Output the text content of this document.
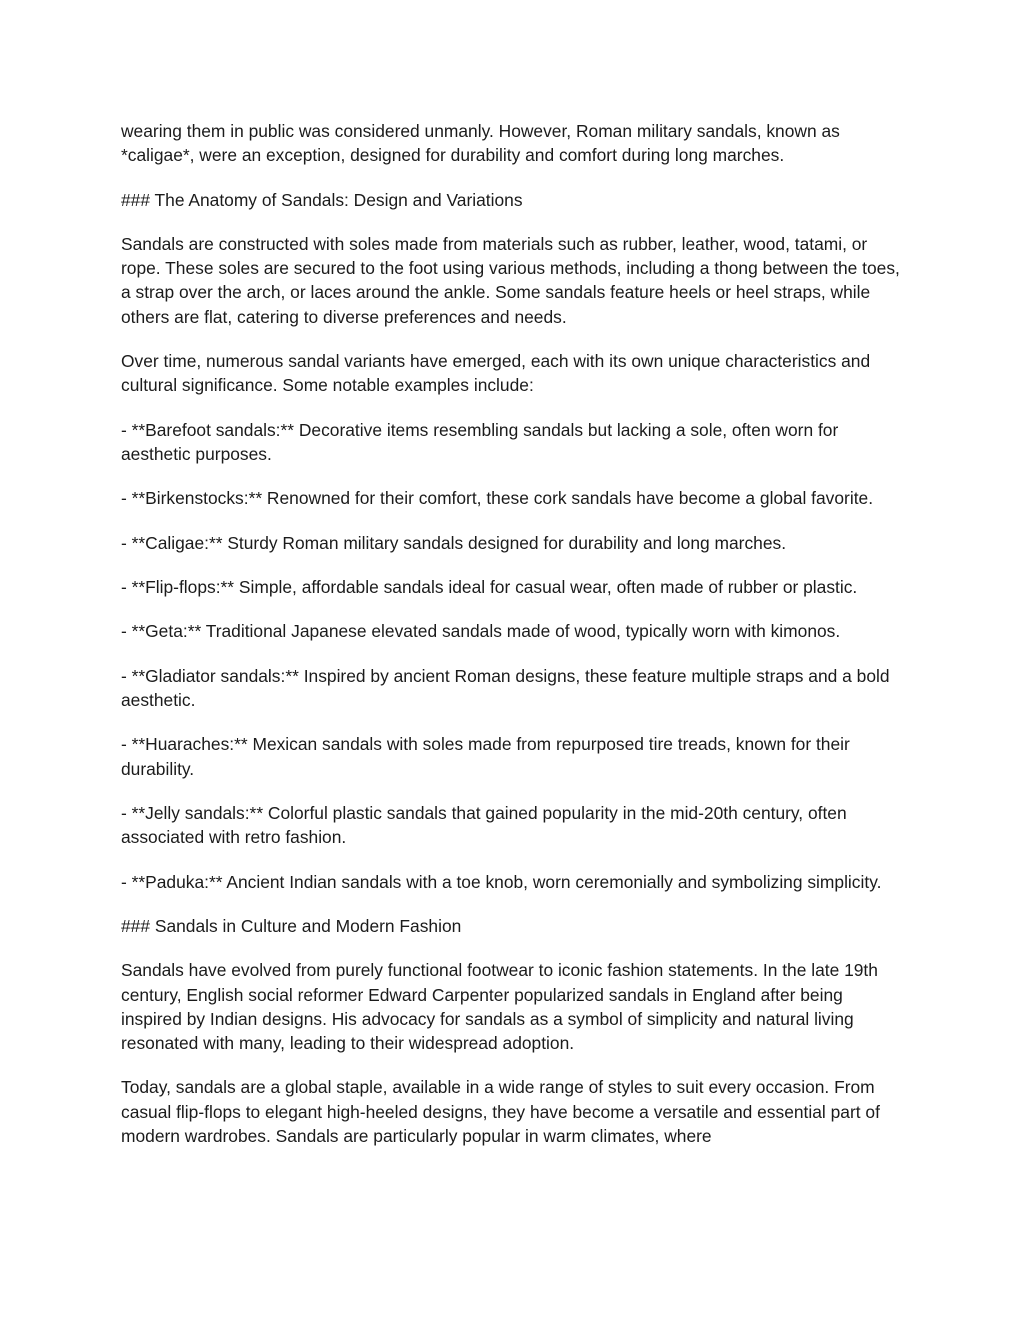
wearing them in public was considered unmanly. However, Roman military sandals, known as *caligae*, were an exception, designed for durability and comfort during long marches.

### The Anatomy of Sandals: Design and Variations

Sandals are constructed with soles made from materials such as rubber, leather, wood, tatami, or rope. These soles are secured to the foot using various methods, including a thong between the toes, a strap over the arch, or laces around the ankle. Some sandals feature heels or heel straps, while others are flat, catering to diverse preferences and needs.

Over time, numerous sandal variants have emerged, each with its own unique characteristics and cultural significance. Some notable examples include:

- **Barefoot sandals:** Decorative items resembling sandals but lacking a sole, often worn for aesthetic purposes.

- **Birkenstocks:** Renowned for their comfort, these cork sandals have become a global favorite.

- **Caligae:** Sturdy Roman military sandals designed for durability and long marches.

- **Flip-flops:** Simple, affordable sandals ideal for casual wear, often made of rubber or plastic.

- **Geta:** Traditional Japanese elevated sandals made of wood, typically worn with kimonos.

- **Gladiator sandals:** Inspired by ancient Roman designs, these feature multiple straps and a bold aesthetic.

- **Huaraches:** Mexican sandals with soles made from repurposed tire treads, known for their durability.

- **Jelly sandals:** Colorful plastic sandals that gained popularity in the mid-20th century, often associated with retro fashion.

- **Paduka:** Ancient Indian sandals with a toe knob, worn ceremonially and symbolizing simplicity.

### Sandals in Culture and Modern Fashion

Sandals have evolved from purely functional footwear to iconic fashion statements. In the late 19th century, English social reformer Edward Carpenter popularized sandals in England after being inspired by Indian designs. His advocacy for sandals as a symbol of simplicity and natural living resonated with many, leading to their widespread adoption.

Today, sandals are a global staple, available in a wide range of styles to suit every occasion. From casual flip-flops to elegant high-heeled designs, they have become a versatile and essential part of modern wardrobes. Sandals are particularly popular in warm climates, where
